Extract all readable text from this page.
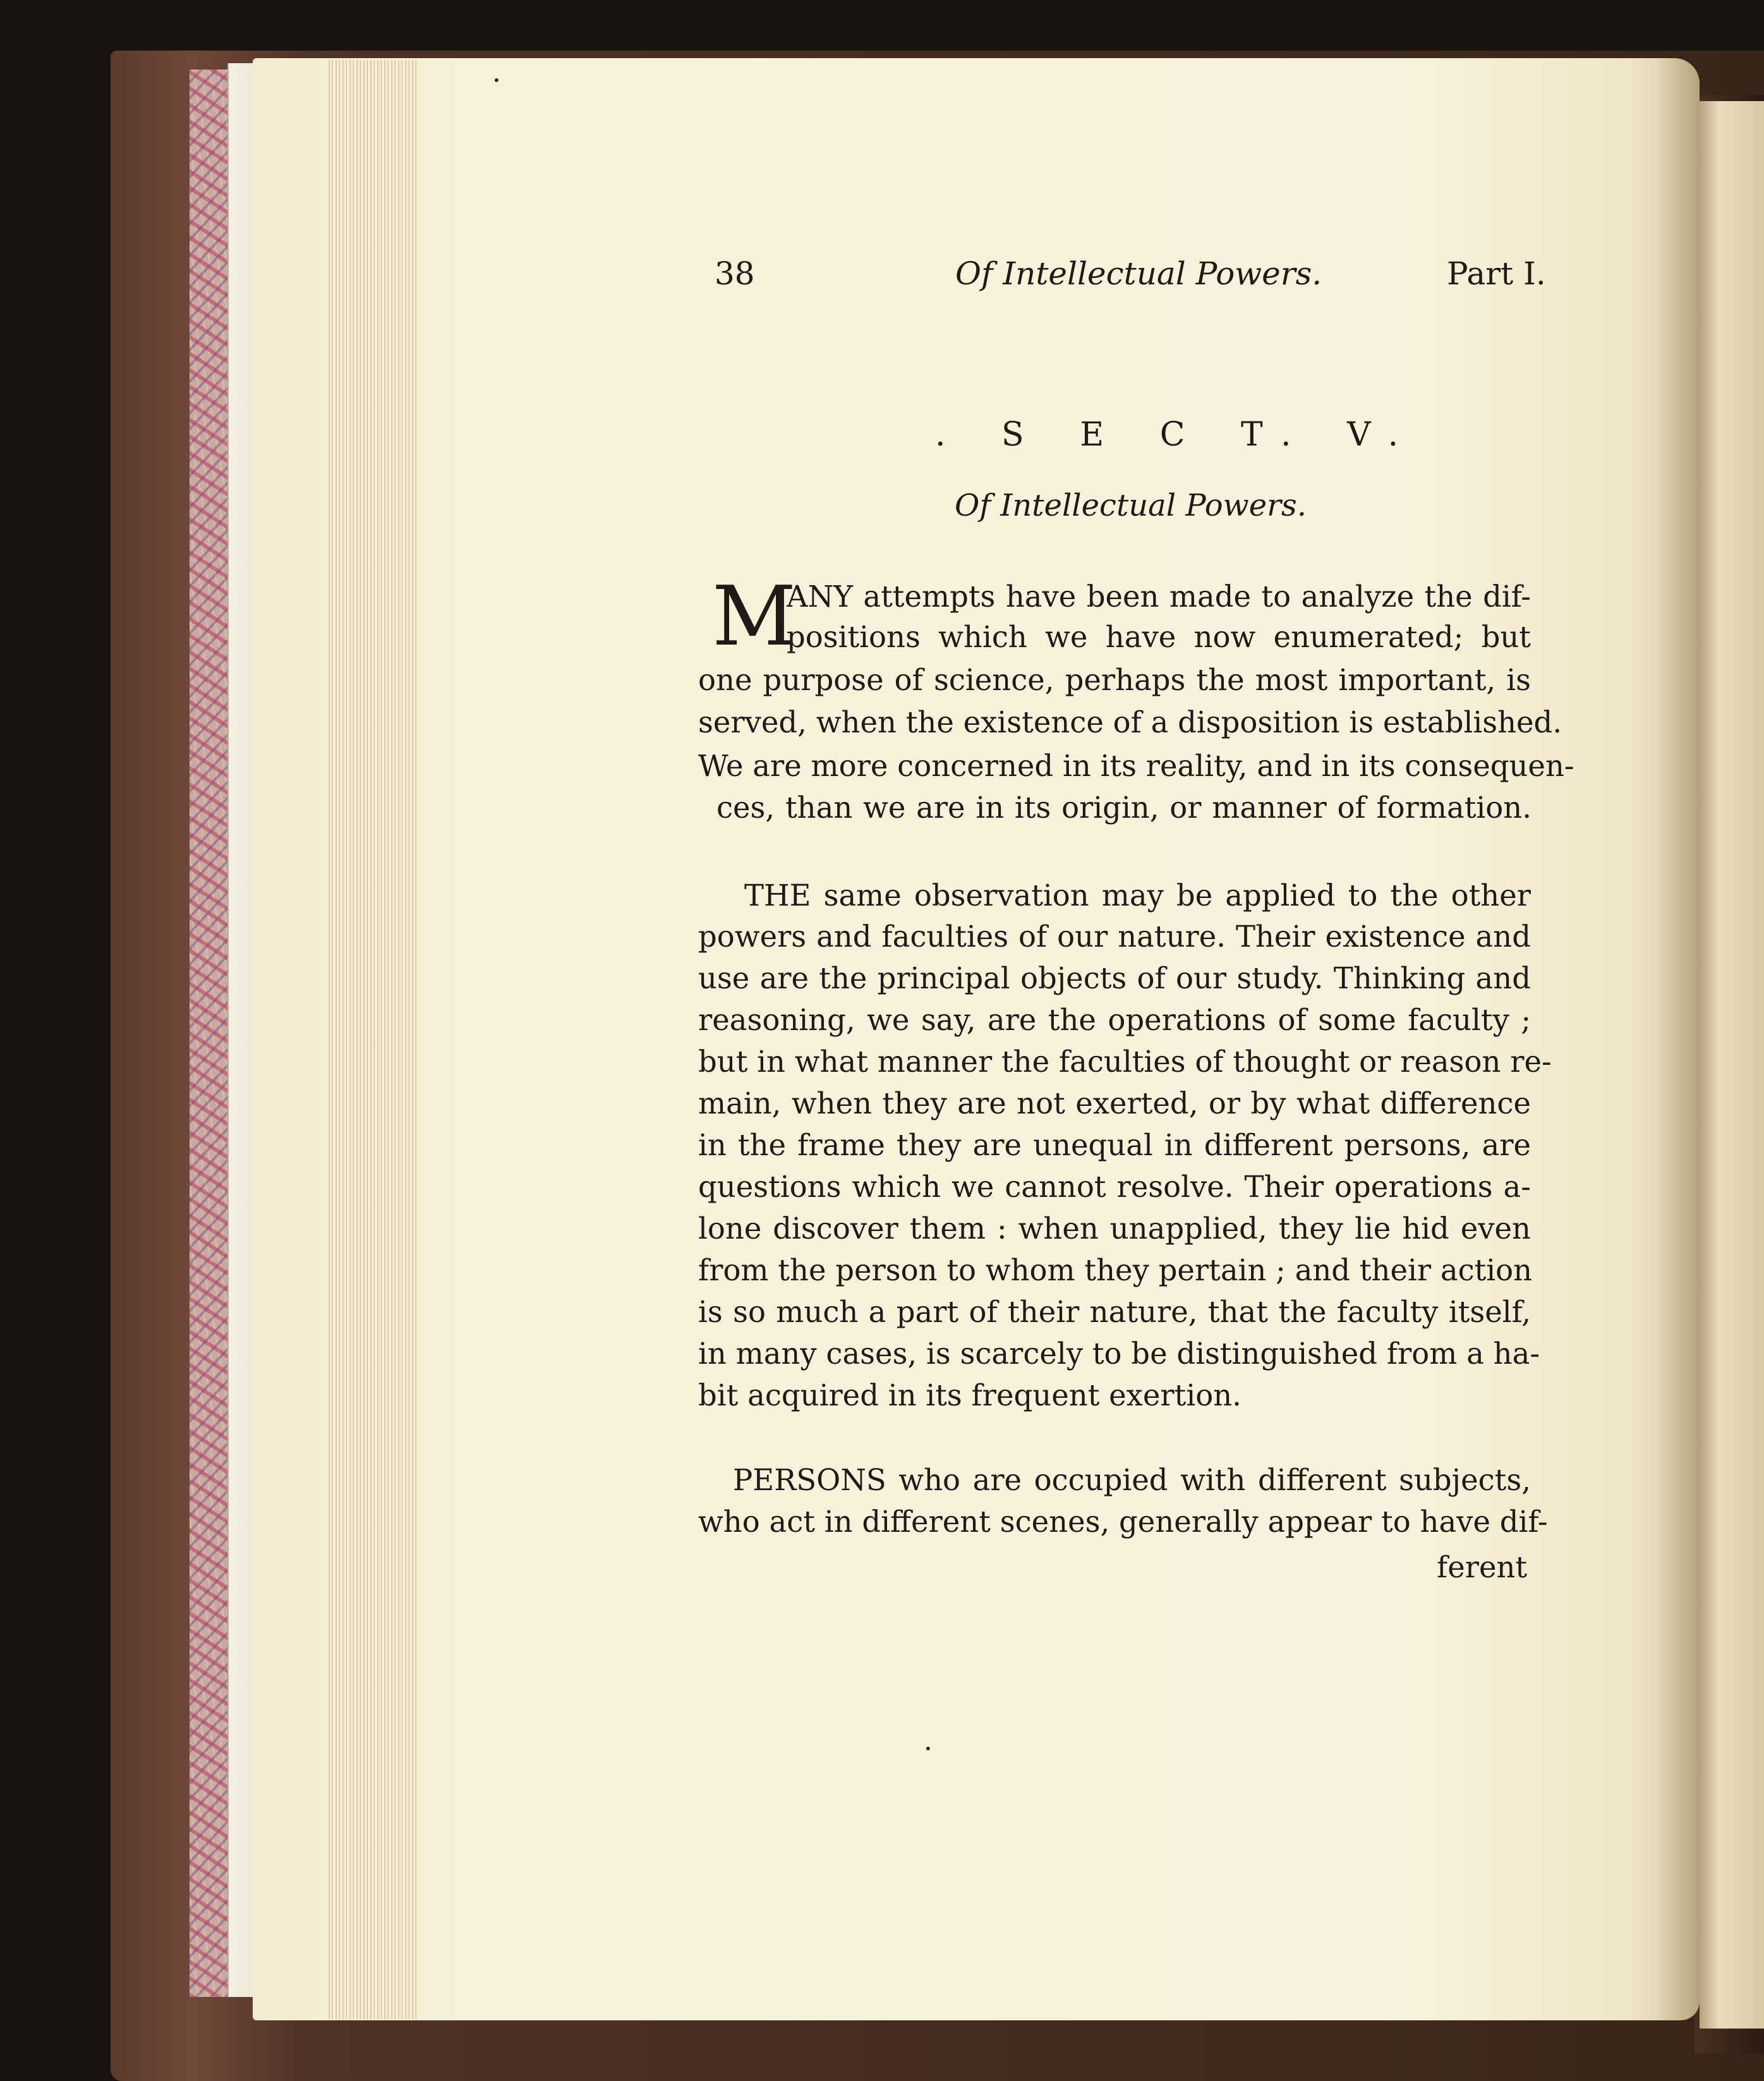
38	Of Intellectual Powers.	Part I.
. S E C T. V.
Of Intellectual Powers.
M
ANY attempts have been made to analyze the dif-
positions which we have now enumerated; but
one purpose of science, perhaps the most important, is
served, when the existence of a disposition is established.
We are more concerned in its reality, and in its consequen-
ces, than we are in its origin, or manner of formation.
THE same observation may be applied to the other
powers and faculties of our nature. Their existence and
use are the principal objects of our study. Thinking and
reasoning, we say, are the operations of some faculty ;
but in what manner the faculties of thought or reason re-
main, when they are not exerted, or by what difference
in the frame they are unequal in different persons, are
questions which we cannot resolve. Their operations a-
lone discover them : when unapplied, they lie hid even
from the person to whom they pertain ; and their action
is so much a part of their nature, that the faculty itself,
in many cases, is scarcely to be distinguished from a ha-
bit acquired in its frequent exertion.
PERSONS who are occupied with different subjects,
who act in different scenes, generally appear to have dif-
ferent
•
•
